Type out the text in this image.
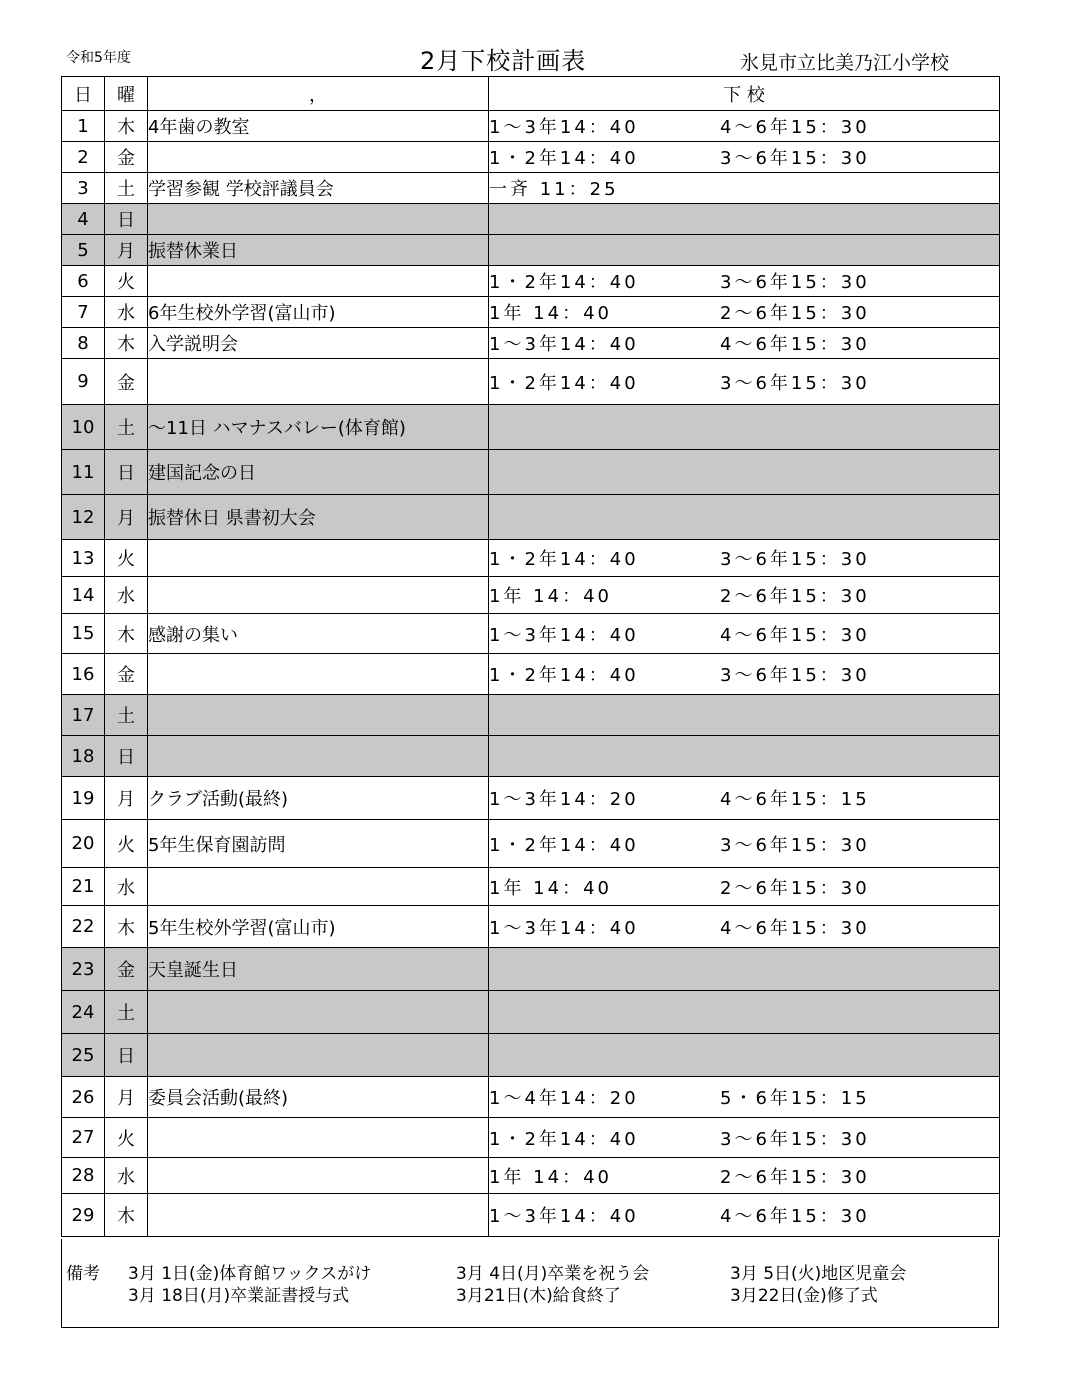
令和5年度	2月下校計画表	氷見市立比美乃江小学校
日	曜	，	下 校
1	木	4年歯の教室	1～3年14：40 4～6年15：30
2	金		1・2年14：40 3～6年15：30
3	土	学習参観 学校評議員会	一斉 11：25
4	日		
5	月	振替休業日	
6	火		1・2年14：40 3～6年15：30
7	水	6年生校外学習(富山市)	1年 14：40 2～6年15：30
8	木	入学説明会	1～3年14：40 4～6年15：30
9	金		1・2年14：40 3～6年15：30
10	土	～11日 ハマナスバレー(体育館)	
11	日	建国記念の日	
12	月	振替休日 県書初大会	
13	火		1・2年14：40 3～6年15：30
14	水		1年 14：40 2～6年15：30
15	木	感謝の集い	1～3年14：40 4～6年15：30
16	金		1・2年14：40 3～6年15：30
17	土		
18	日		
19	月	クラブ活動(最終)	1～3年14：20 4～6年15：15
20	火	5年生保育園訪問	1・2年14：40 3～6年15：30
21	水		1年 14：40 2～6年15：30
22	木	5年生校外学習(富山市)	1～3年14：40 4～6年15：30
23	金	天皇誕生日	
24	土		
25	日		
26	月	委員会活動(最終)	1～4年14：20 5・6年15：15
27	火		1・2年14：40 3～6年15：30
28	水		1年 14：40 2～6年15：30
29	木		1～3年14：40 4～6年15：30
備考 3月 1日(金)体育館ワックスがけ	3月 4日(月)卒業を祝う会	3月 5日(火)地区児童会
3月 18日(月)卒業証書授与式	3月21日(木)給食終了	3月22日(金)修了式
